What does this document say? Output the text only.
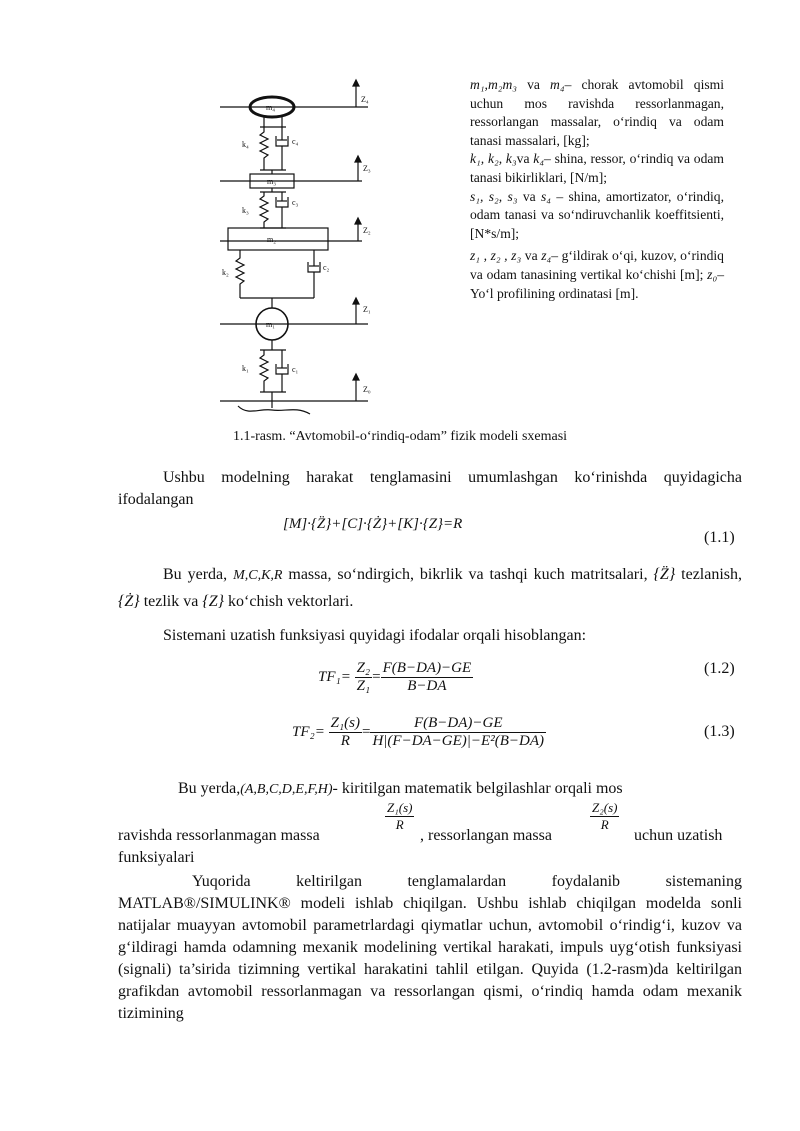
m₄
m₃
m₂
m₁
k₄
k₃
k₂
k₁
c₄
c₃
c₂
c₁
Z₄
Z₃
Z₂
Z₁
Z₀

m₁,m₂m₃ va m₄– chorak avtomobil qismi uchun mos ravishda ressorlanmagan, ressorlangan massalar, o‘rindiq va odam tanasi massalari, [kg];

k₁, k₂, k₃va k₄– shina, ressor, o‘rindiq va odam tanasi bikirliklari, [N/m];

s₁, s₂, s₃ va s₄ – shina, amortizator, o‘rindiq, odam tanasi va so‘ndiruvchanlik koeffitsienti, [N*s/m];

z₁ , z₂ , z₃ va z₄– g‘ildirak o‘qi, kuzov, o‘rindiq va odam tanasining vertikal ko‘chishi [m]; z₀– Yo‘l profilining ordinatasi [m].

1.1-rasm. “Avtomobil-o‘rindiq-odam” fizik modeli sxemasi
Ushbu modelning harakat tenglamasini umumlashgan ko‘rinishda quyidagicha ifodalangan
[M]·{Z̈}+[C]·{Ż}+[K]·{Z}=R
(1.1)
Bu yerda, M,C,K,R massa, so‘ndirgich, bikrlik va tashqi kuch matritsalari, {Z̈} tezlanish, {Ż} tezlik va {Z} ko‘chish vektorlari.
Sistemani uzatish funksiyasi quyidagi ifodalar orqali hisoblangan:
$TF_1= \frac{\text{Z₂}}{\text{Z₁}} = \frac{F(B-DA)-GE}{B-DA}$	(1.2)
$TF_2= \frac{\text{Z₁(s)}}{R} = \frac{F(B-DA)-GE}{\text{H|(F−DA−GE)|−E²(B−DA)}}$	(1.3)
Bu yerda,(A,B,C,D,E,F,H)- kiritilgan matematik belgilashlar orqali mos
$\frac{\text{Z₁(s)}}{R}$	$\frac{\text{Z₂(s)}}{R}$
ravishda ressorlanmagan massa	, ressorlangan massa	uchun uzatish
funksiyalari
Yuqorida keltirilgan tenglamalardan foydalanib sistemaning MATLAB®/SIMULINK® modeli ishlab chiqilgan. Ushbu ishlab chiqilgan modelda sonli natijalar muayyan avtomobil parametrlardagi qiymatlar uchun, avtomobil o‘rindig‘i, kuzov va g‘ildiragi hamda odamning mexanik modelining vertikal harakati, impuls uyg‘otish funksiyasi (signali) ta’sirida tizimning vertikal harakatini tahlil etilgan. Quyida (1.2-rasm)da keltirilgan grafikdan avtomobil ressorlanmagan va ressorlangan qismi, o‘rindiq hamda odam mexanik tizimining
